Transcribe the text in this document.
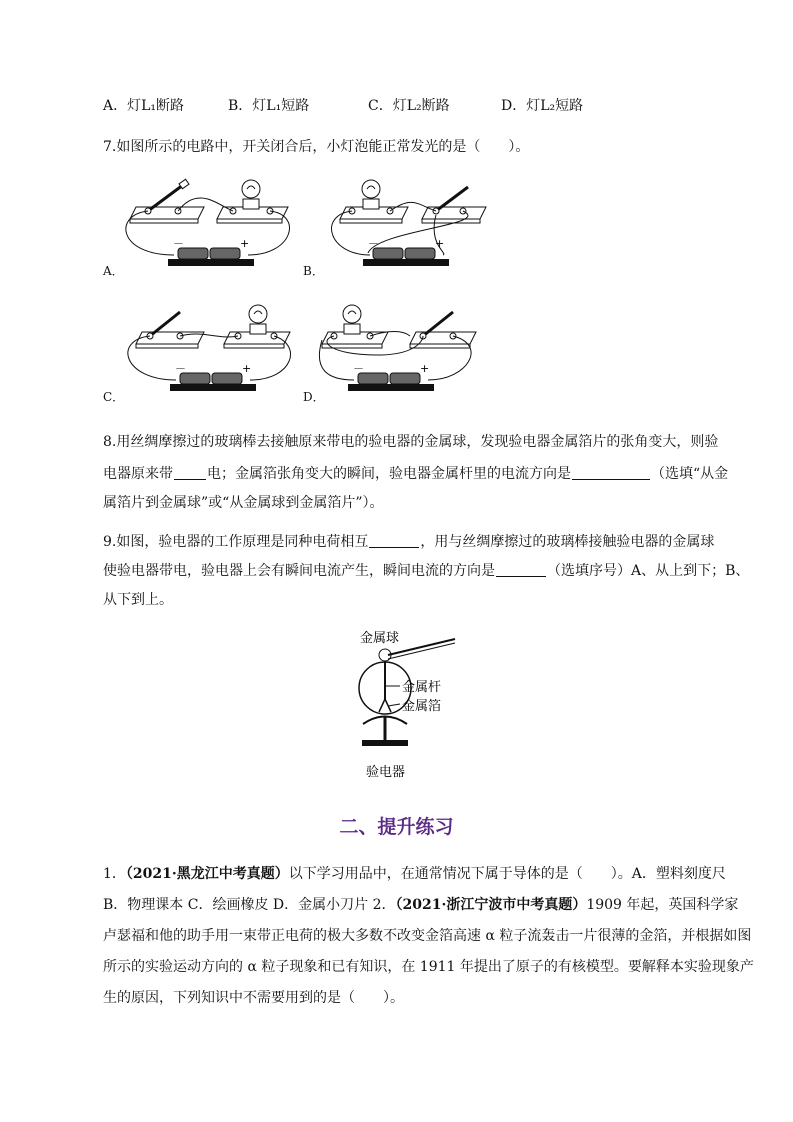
A．灯L₁断路	B．灯L₁短路	C．灯L₂断路	D．灯L₂短路
7.如图所示的电路中，开关闭合后，小灯泡能正常发光的是（　　）。
－	+
A．
－	+
B．
－	+
C．
－	+
D．
8.用丝绸摩擦过的玻璃棒去接触原来带电的验电器的金属球，发现验电器金属箔片的张角变大，则验
电器原来带 电；金属箔张角变大的瞬间，验电器金属杆里的电流方向是	（选填“从金
属箔片到金属球”或“从金属球到金属箔片”）。
9.如图，验电器的工作原理是同种电荷相互	，用与丝绸摩擦过的玻璃棒接触验电器的金属球
使验电器带电，验电器上会有瞬间电流产生，瞬间电流的方向是	（选填序号）A、从上到下；B、
从下到上。
金属球
金属杆
金属箔
验电器
二、提升练习
1．（2021·黑龙江中考真题）以下学习用品中，在通常情况下属于导体的是（　　）。A．塑料刻度尺
B．物理课本 C．绘画橡皮 D．金属小刀片 2．（2021·浙江宁波市中考真题）1909 年起，英国科学家
卢瑟福和他的助手用一束带正电荷的极大多数不改变金箔高速 α 粒子流轰击一片很薄的金箔，并根据如图
所示的实验运动方向的 α 粒子现象和已有知识，在 1911 年提出了原子的有核模型。要解释本实验现象产
生的原因，下列知识中不需要用到的是（　　）。
